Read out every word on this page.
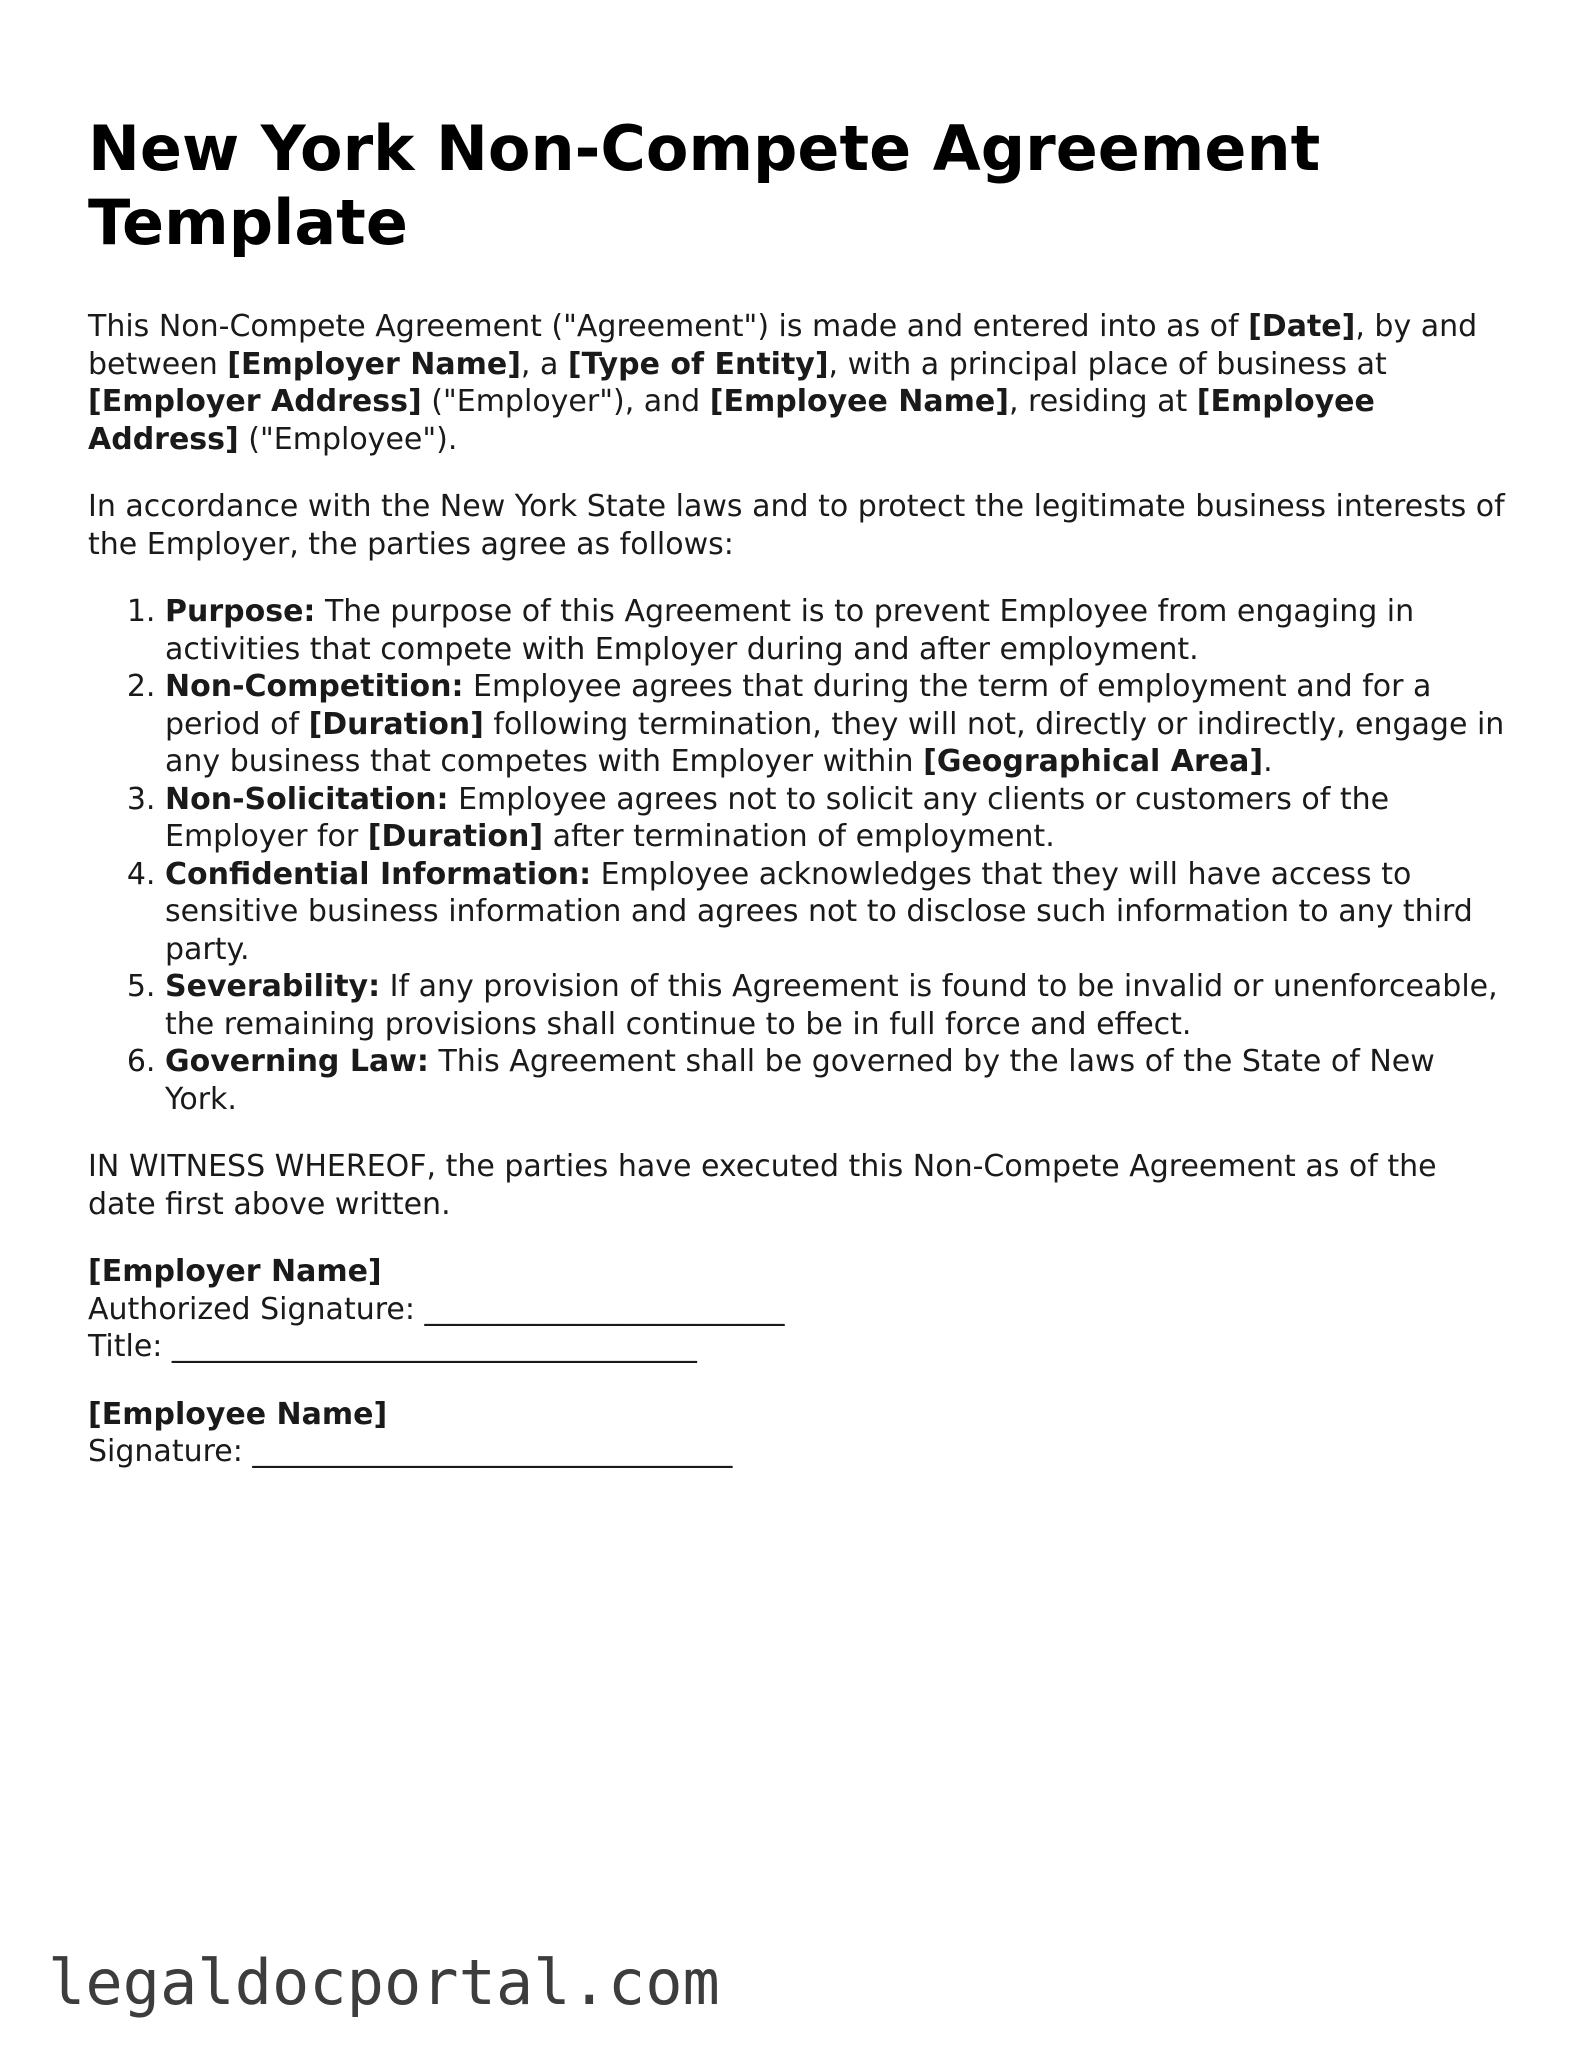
New York Non-Compete Agreement Template

This Non-Compete Agreement ("Agreement") is made and entered into as of [Date], by and between [Employer Name], a [Type of Entity], with a principal place of business at [Employer Address] ("Employer"), and [Employee Name], residing at [Employee Address] ("Employee").

In accordance with the New York State laws and to protect the legitimate business interests of the Employer, the parties agree as follows:

1. Purpose: The purpose of this Agreement is to prevent Employee from engaging in activities that compete with Employer during and after employment.
2. Non-Competition: Employee agrees that during the term of employment and for a period of [Duration] following termination, they will not, directly or indirectly, engage in any business that competes with Employer within [Geographical Area].
3. Non-Solicitation: Employee agrees not to solicit any clients or customers of the Employer for [Duration] after termination of employment.
4. Confidential Information: Employee acknowledges that they will have access to sensitive business information and agrees not to disclose such information to any third party.
5. Severability: If any provision of this Agreement is found to be invalid or unenforceable, the remaining provisions shall continue to be in full force and effect.
6. Governing Law: This Agreement shall be governed by the laws of the State of New York.

IN WITNESS WHEREOF, the parties have executed this Non-Compete Agreement as of the date first above written.

[Employer Name]
Authorized Signature: ________________________
Title: ___________________________________
[Employee Name]
Signature: ________________________________
legaldocportal.com
